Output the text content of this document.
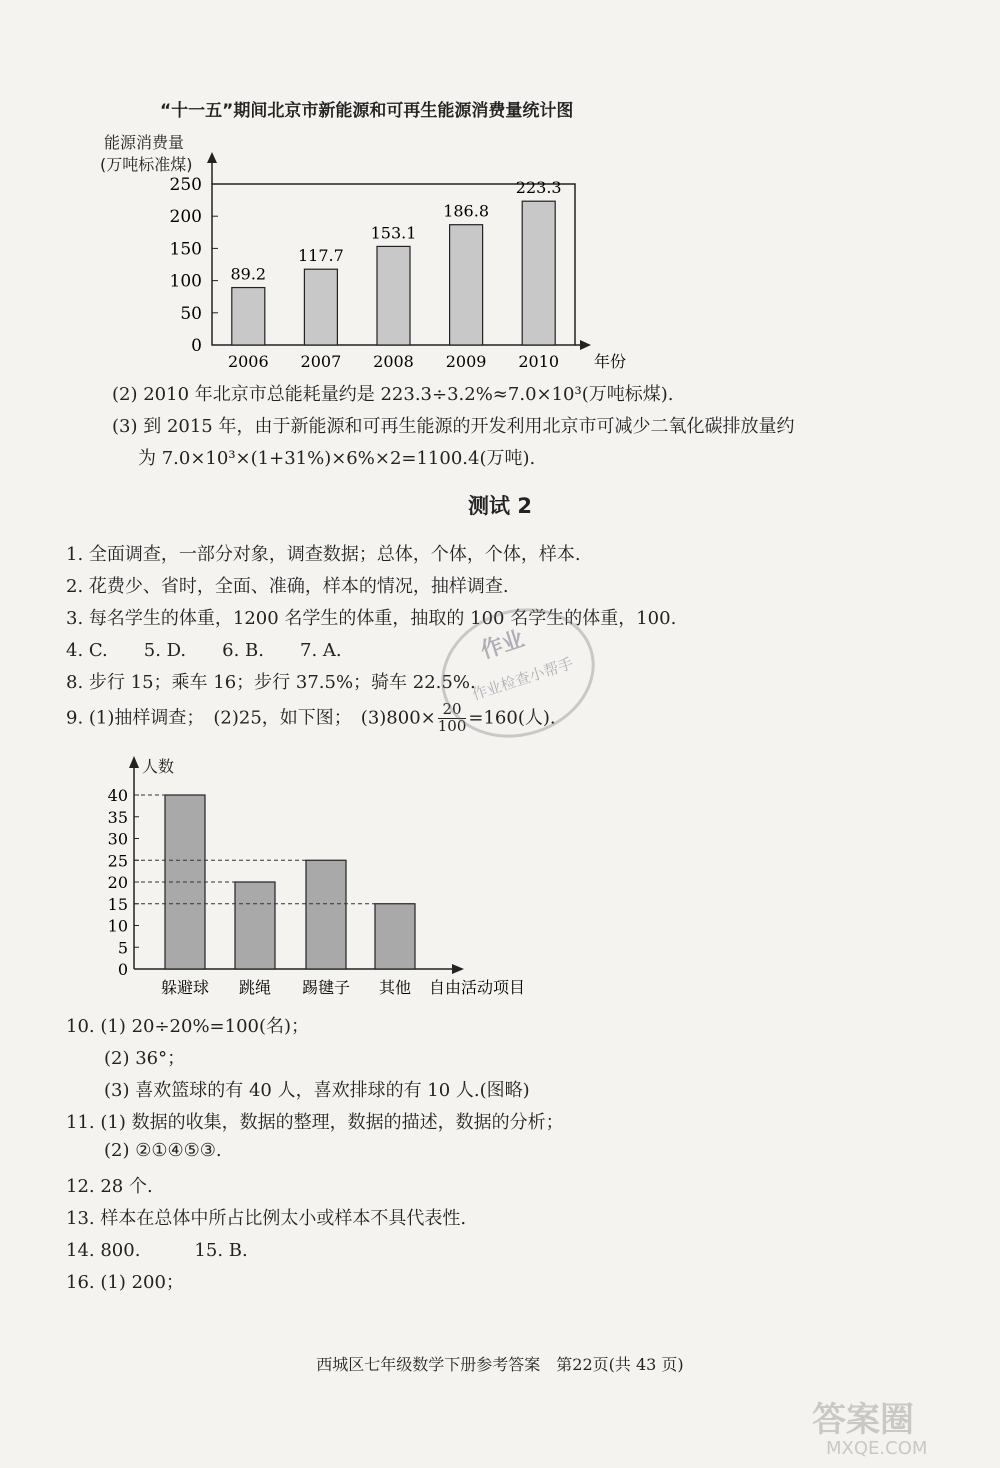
“十一五”期间北京市新能源和可再生能源消费量统计图
能源消费量
(万吨标准煤)
0
50
100
150
200
250
89.2
2006
117.7
2007
153.1
2008
186.8
2009
223.3
2010 年份
(2) 2010 年北京市总能耗量约是 223.3÷3.2%≈7.0×10³(万吨标煤).
(3) 到 2015 年，由于新能源和可再生能源的开发利用北京市可减少二氧化碳排放量约
为 7.0×10³×(1+31%)×6%×2=1100.4(万吨).
测试 2
1. 全面调查，一部分对象，调查数据；总体，个体，个体，样本.
2. 花费少、省时，全面、准确，样本的情况，抽样调查.
3. 每名学生的体重，1200 名学生的体重，抽取的 100 名学生的体重，100.
4. C.　　5. D.　　6. B.　　7. A.
8. 步行 15；乘车 16；步行 37.5%；骑车 22.5%.
9. (1)抽样调查；　(2)25，如下图；　$(3)800\times \frac{20}{100} =160$(人).
人数
0
5
10
15
20
25
30
35
40
躲避球 跳绳 踢毽子 其他 自由活动项目
10. (1) 20÷20%=100(名)；
(2) 36°；
(3) 喜欢篮球的有 40 人，喜欢排球的有 10 人.(图略)
11. (1) 数据的收集，数据的整理，数据的描述，数据的分析；
(2) ②①④⑤③.
12. 28 个.
13. 样本在总体中所占比例太小或样本不具代表性.
14. 800.　　　15. B.
16. (1) 200；
西城区七年级数学下册参考答案　第22页(共 43 页)
作业
作业检查小帮手
答案圈
MXQE.COM
